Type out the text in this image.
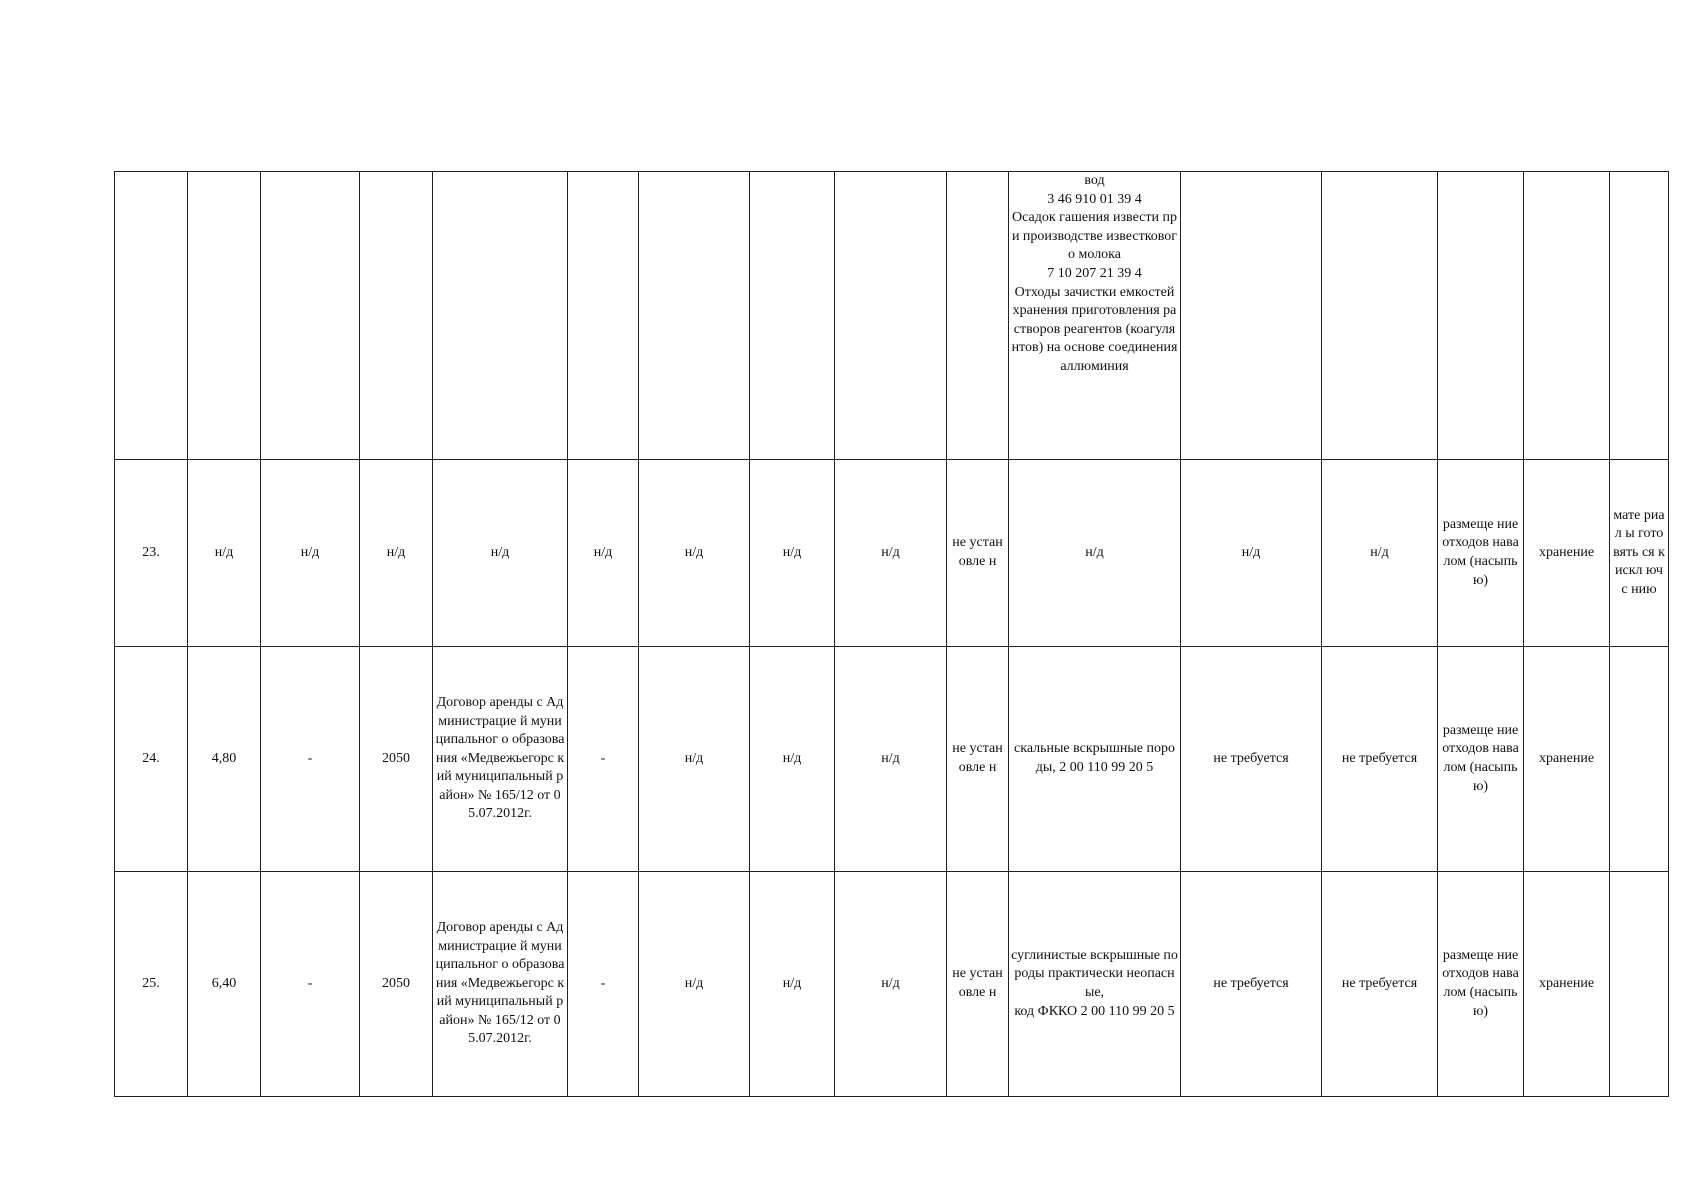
										вод
3 46 910 01 39 4
Осадок гашения извести при производстве известкового молока
7 10 207 21 39 4
Отходы зачистки емкостей хранения приготовления растворов реагентов (коагулянтов) на основе соединения аллюминия					
23.	н/д	н/д	н/д	н/д	н/д	н/д	н/д	н/д	не устан овле н	н/д	н/д	н/д	размеще ние отходов навалом (насыпь ю)	хранение	мате риал ы гото вять ся к искл ючс нию
24.	4,80	-	2050	Договор аренды с Администрацие й муниципальног о образования «Медвежьегорс кий муниципальный район» № 165/12 от 05.07.2012г.	-	н/д	н/д	н/д	не устан овле н	скальные вскрышные породы, 2 00 110 99 20 5	не требуется	не требуется	размеще ние отходов навалом (насыпь ю)	хранение	
25.	6,40	-	2050	Договор аренды с Администрацие й муниципальног о образования «Медвежьегорс кий муниципальный район» № 165/12 от 05.07.2012г.	-	н/д	н/д	н/д	не устан овле н	суглинистые вскрышные породы практически неопасные,
код ФККО 2 00 110 99 20 5	не требуется	не требуется	размеще ние отходов навалом (насыпь ю)	хранение	
